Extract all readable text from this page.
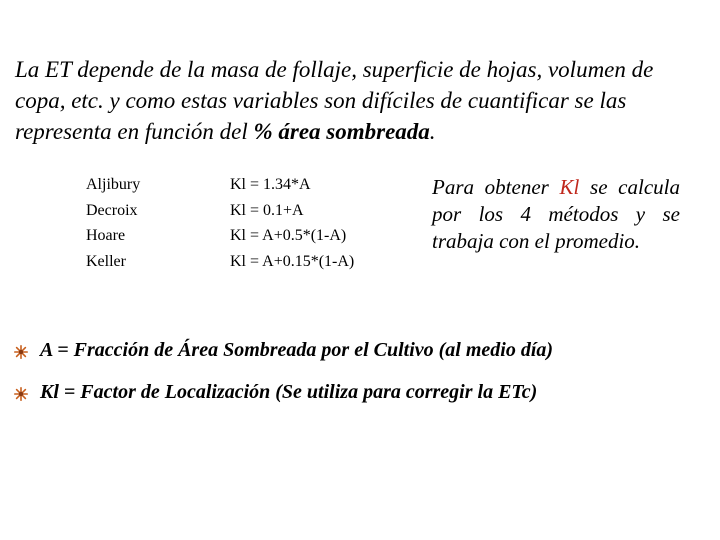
La ET depende de la masa de follaje, superficie de hojas, volumen de
copa, etc. y como estas variables son difíciles de cuantificar se las
representa en función del % área sombreada.
Aljibury	Kl = 1.34*A
Decroix	Kl = 0.1+A
Hoare	Kl = A+0.5*(1-A)
Keller	Kl = A+0.15*(1-A)
Para obtener Kl se calcula por los 4 métodos y se trabaja con el promedio.
A = Fracción de Área Sombreada por el Cultivo (al medio día)
Kl = Factor de Localización (Se utiliza para corregir la ETc)
